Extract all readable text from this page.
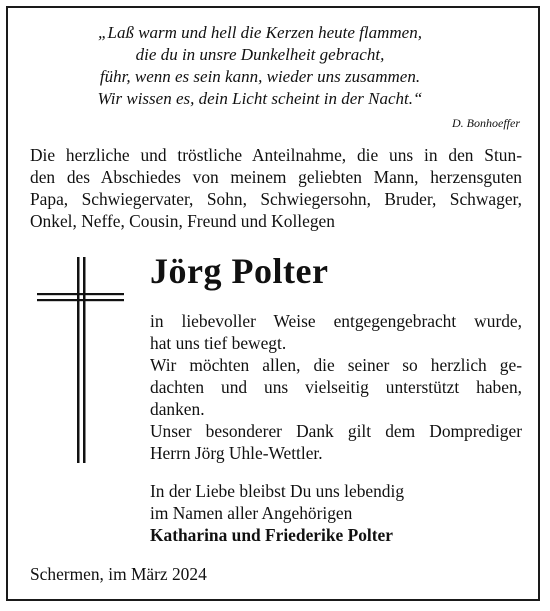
„Laß warm und hell die Kerzen heute flammen,
die du in unsre Dunkelheit gebracht,
führ, wenn es sein kann, wieder uns zusammen.
Wir wissen es, dein Licht scheint in der Nacht.“
D. Bonhoeffer
Die herzliche und tröstliche Anteilnahme, die uns in den Stun-
den des Abschiedes von meinem geliebten Mann, herzensguten
Papa, Schwiegervater, Sohn, Schwiegersohn, Bruder, Schwager,
Onkel, Neffe, Cousin, Freund und Kollegen
Jörg Polter
in liebevoller Weise entgegengebracht wurde,
hat uns tief bewegt.
Wir möchten allen, die seiner so herzlich ge-
dachten und uns vielseitig unterstützt haben,
danken.
Unser besonderer Dank gilt dem Domprediger
Herrn Jörg Uhle-Wettler.
In der Liebe bleibst Du uns lebendig
im Namen aller Angehörigen
Katharina und Friederike Polter
Schermen, im März 2024
